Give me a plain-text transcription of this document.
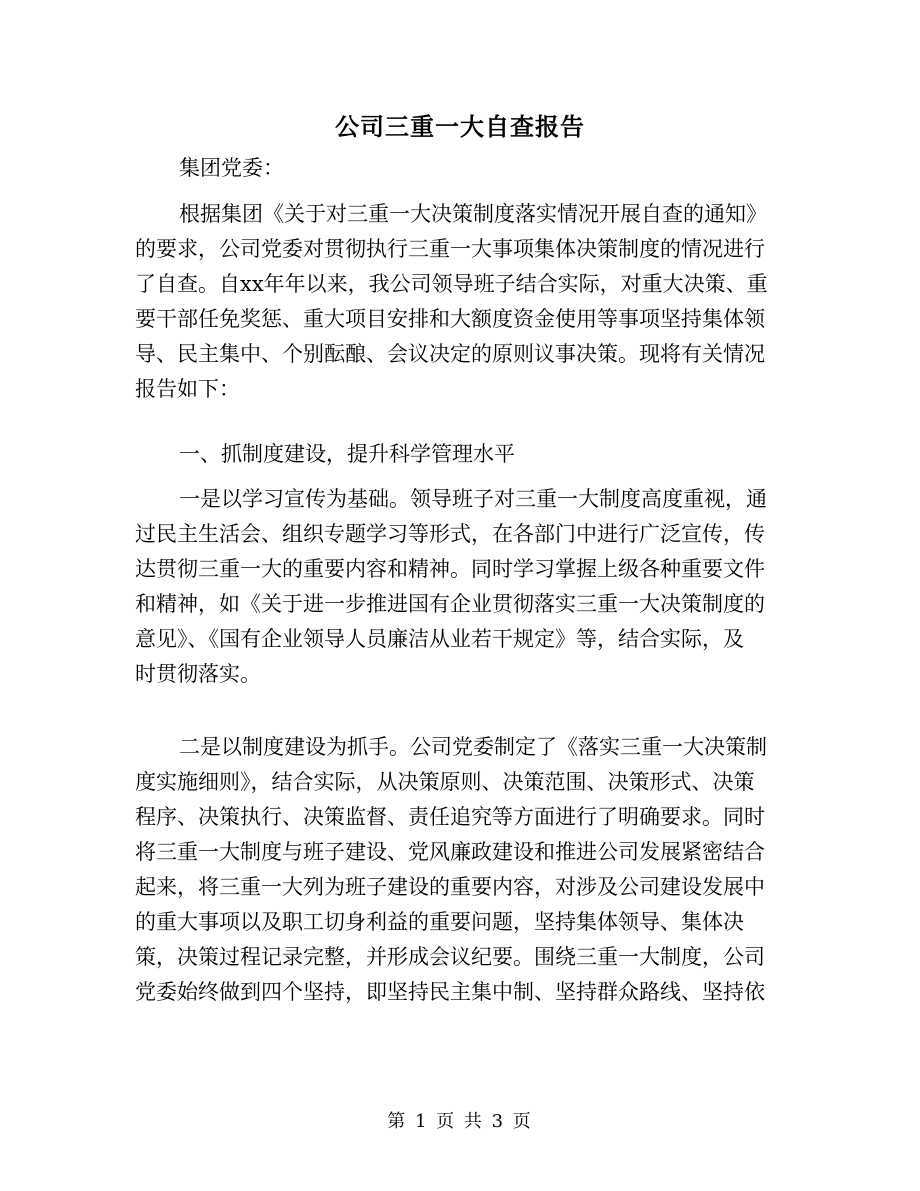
公司三重一大自查报告
集团党委：
根据集团《关于对三重一大决策制度落实情况开展自查的通知》
的要求，公司党委对贯彻执行三重一大事项集体决策制度的情况进行
了自查。自xx年年以来，我公司领导班子结合实际，对重大决策、重
要干部任免奖惩、重大项目安排和大额度资金使用等事项坚持集体领
导、民主集中、个别酝酿、会议决定的原则议事决策。现将有关情况
报告如下：
一、抓制度建设，提升科学管理水平
一是以学习宣传为基础。领导班子对三重一大制度高度重视，通
过民主生活会、组织专题学习等形式，在各部门中进行广泛宣传，传
达贯彻三重一大的重要内容和精神。同时学习掌握上级各种重要文件
和精神，如《关于进一步推进国有企业贯彻落实三重一大决策制度的
意见》、《国有企业领导人员廉洁从业若干规定》等，结合实际，及
时贯彻落实。
二是以制度建设为抓手。公司党委制定了《落实三重一大决策制
度实施细则》，结合实际，从决策原则、决策范围、决策形式、决策
程序、决策执行、决策监督、责任追究等方面进行了明确要求。同时
将三重一大制度与班子建设、党风廉政建设和推进公司发展紧密结合
起来，将三重一大列为班子建设的重要内容，对涉及公司建设发展中
的重大事项以及职工切身利益的重要问题，坚持集体领导、集体决
策，决策过程记录完整，并形成会议纪要。围绕三重一大制度，公司
党委始终做到四个坚持，即坚持民主集中制、坚持群众路线、坚持依
第 1 页 共 3 页
